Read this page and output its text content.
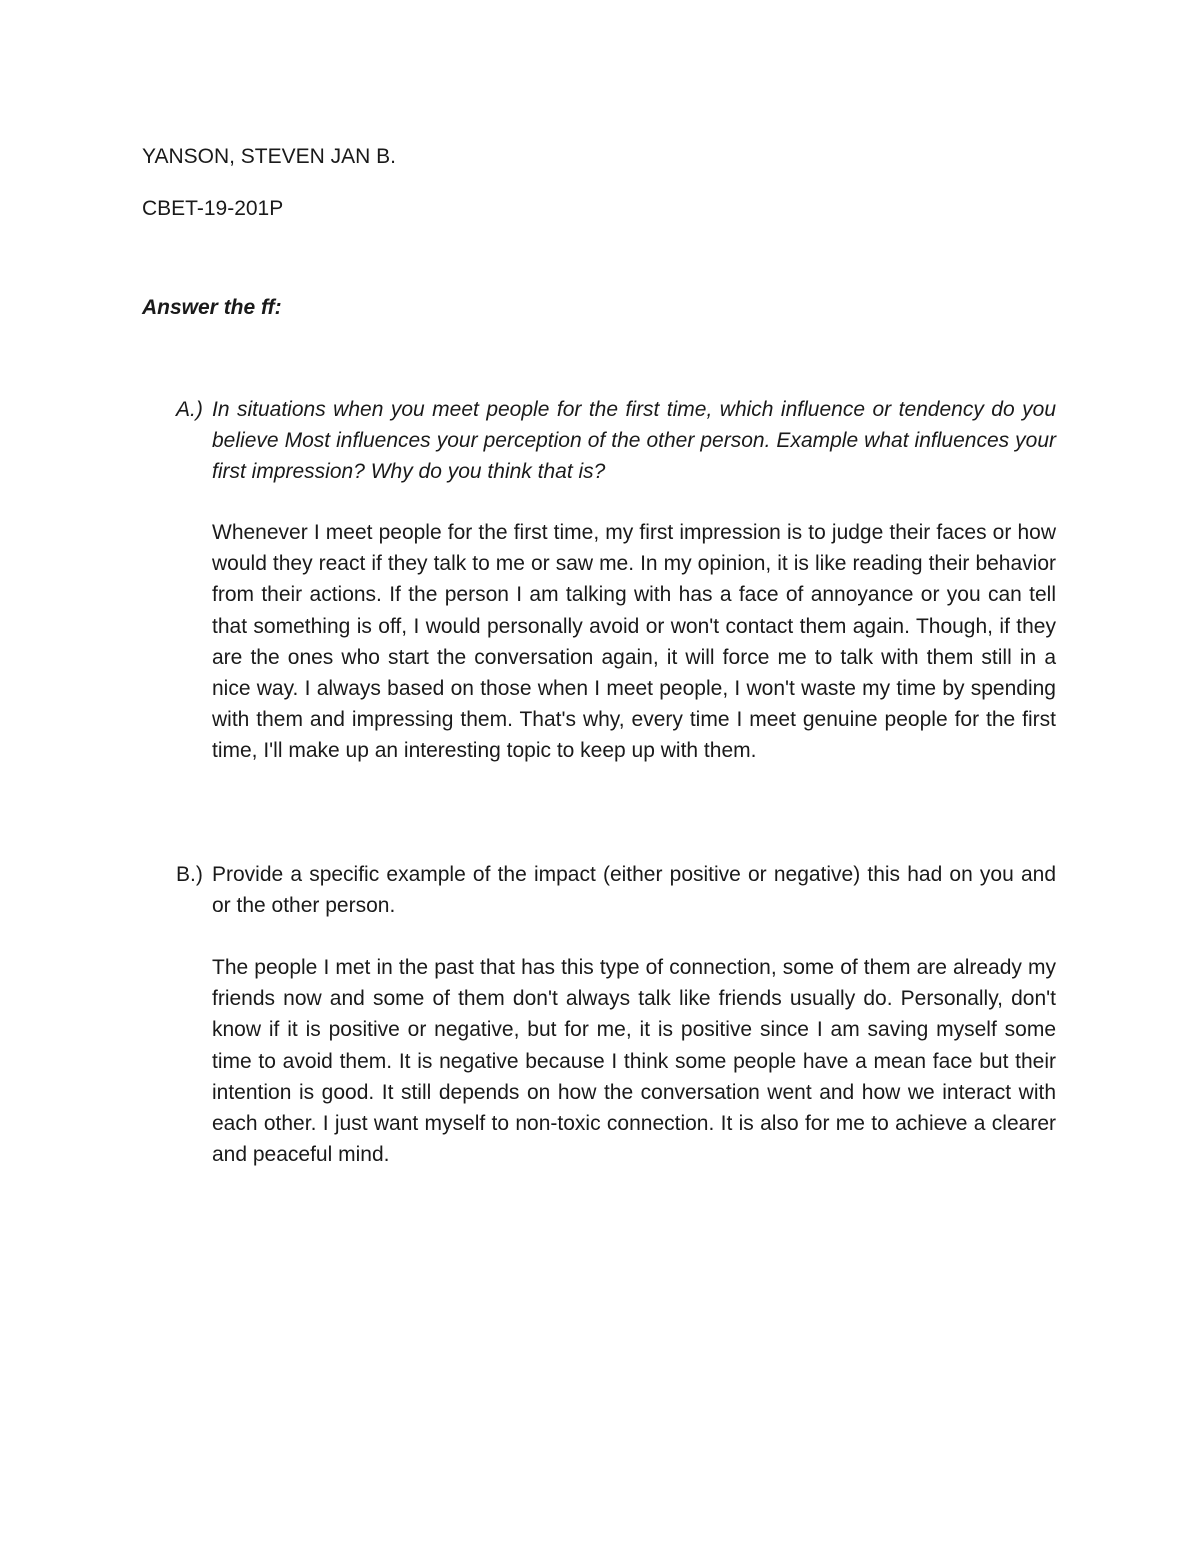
YANSON, STEVEN JAN B.

CBET-19-201P

Answer the ff:

A.) In situations when you meet people for the first time, which influence or tendency do you believe Most influences your perception of the other person. Example what influences your first impression? Why do you think that is?

Whenever I meet people for the first time, my first impression is to judge their faces or how would they react if they talk to me or saw me. In my opinion, it is like reading their behavior from their actions. If the person I am talking with has a face of annoyance or you can tell that something is off, I would personally avoid or won't contact them again. Though, if they are the ones who start the conversation again, it will force me to talk with them still in a nice way. I always based on those when I meet people, I won't waste my time by spending with them and impressing them. That's why, every time I meet genuine people for the first time, I'll make up an interesting topic to keep up with them.

B.) Provide a specific example of the impact (either positive or negative) this had on you and or the other person.

The people I met in the past that has this type of connection, some of them are already my friends now and some of them don't always talk like friends usually do. Personally, don't know if it is positive or negative, but for me, it is positive since I am saving myself some time to avoid them. It is negative because I think some people have a mean face but their intention is good. It still depends on how the conversation went and how we interact with each other. I just want myself to non-toxic connection. It is also for me to achieve a clearer and peaceful mind.
